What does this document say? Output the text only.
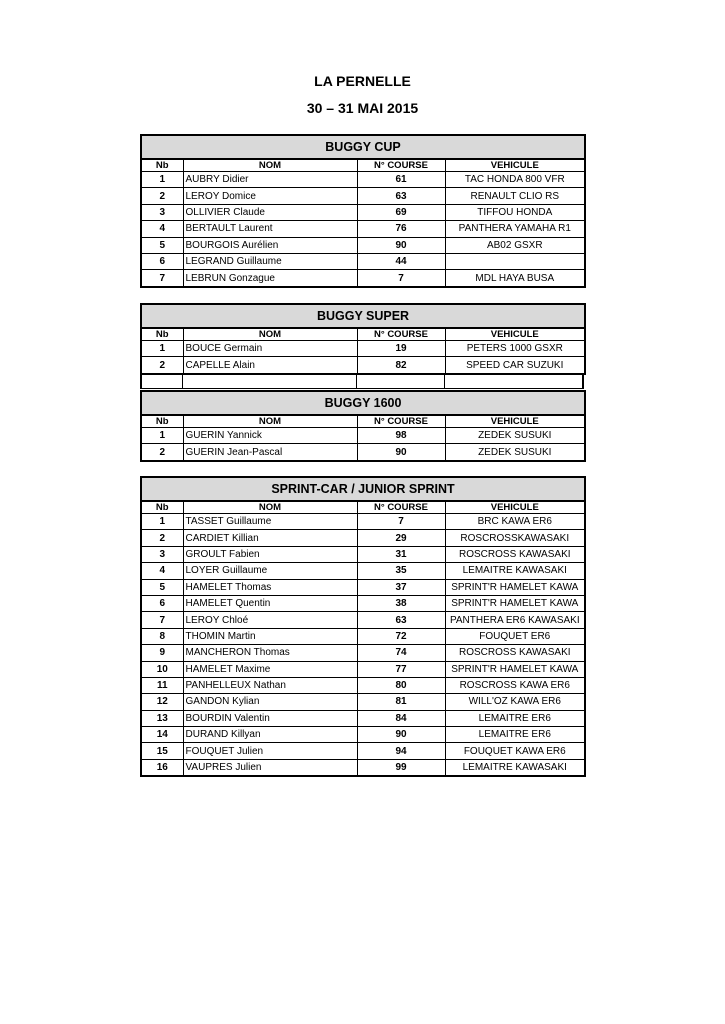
LA PERNELLE
30 – 31 MAI 2015
BUGGY CUP			
Nb	NOM	N° COURSE	VEHICULE
1	AUBRY Didier	61	TAC HONDA 800 VFR
2	LEROY Domice	63	RENAULT CLIO RS
3	OLLIVIER Claude	69	TIFFOU HONDA
4	BERTAULT Laurent	76	PANTHERA YAMAHA R1
5	BOURGOIS Aurélien	90	AB02 GSXR
6	LEGRAND Guillaume	44	
7	LEBRUN Gonzague	7	MDL HAYA BUSA
BUGGY SUPER			
Nb	NOM	N° COURSE	VEHICULE
1	BOUCE Germain	19	PETERS 1000 GSXR
2	CAPELLE Alain	82	SPEED CAR SUZUKI
BUGGY 1600			
Nb	NOM	N° COURSE	VEHICULE
1	GUERIN Yannick	98	ZEDEK SUSUKI
2	GUERIN Jean-Pascal	90	ZEDEK SUSUKI
SPRINT-CAR / JUNIOR SPRINT			
Nb	NOM	N° COURSE	VEHICULE
1	TASSET Guillaume	7	BRC KAWA ER6
2	CARDIET Killian	29	ROSCROSSKAWASAKI
3	GROULT Fabien	31	ROSCROSS KAWASAKI
4	LOYER Guillaume	35	LEMAITRE KAWASAKI
5	HAMELET Thomas	37	SPRINT'R HAMELET KAWA
6	HAMELET Quentin	38	SPRINT'R HAMELET KAWA
7	LEROY Chloé	63	PANTHERA ER6 KAWASAKI
8	THOMIN Martin	72	FOUQUET ER6
9	MANCHERON Thomas	74	ROSCROSS KAWASAKI
10	HAMELET Maxime	77	SPRINT'R HAMELET KAWA
11	PANHELLEUX Nathan	80	ROSCROSS KAWA ER6
12	GANDON Kylian	81	WILL'OZ KAWA ER6
13	BOURDIN Valentin	84	LEMAITRE ER6
14	DURAND Killyan	90	LEMAITRE ER6
15	FOUQUET Julien	94	FOUQUET KAWA ER6
16	VAUPRES Julien	99	LEMAITRE KAWASAKI
